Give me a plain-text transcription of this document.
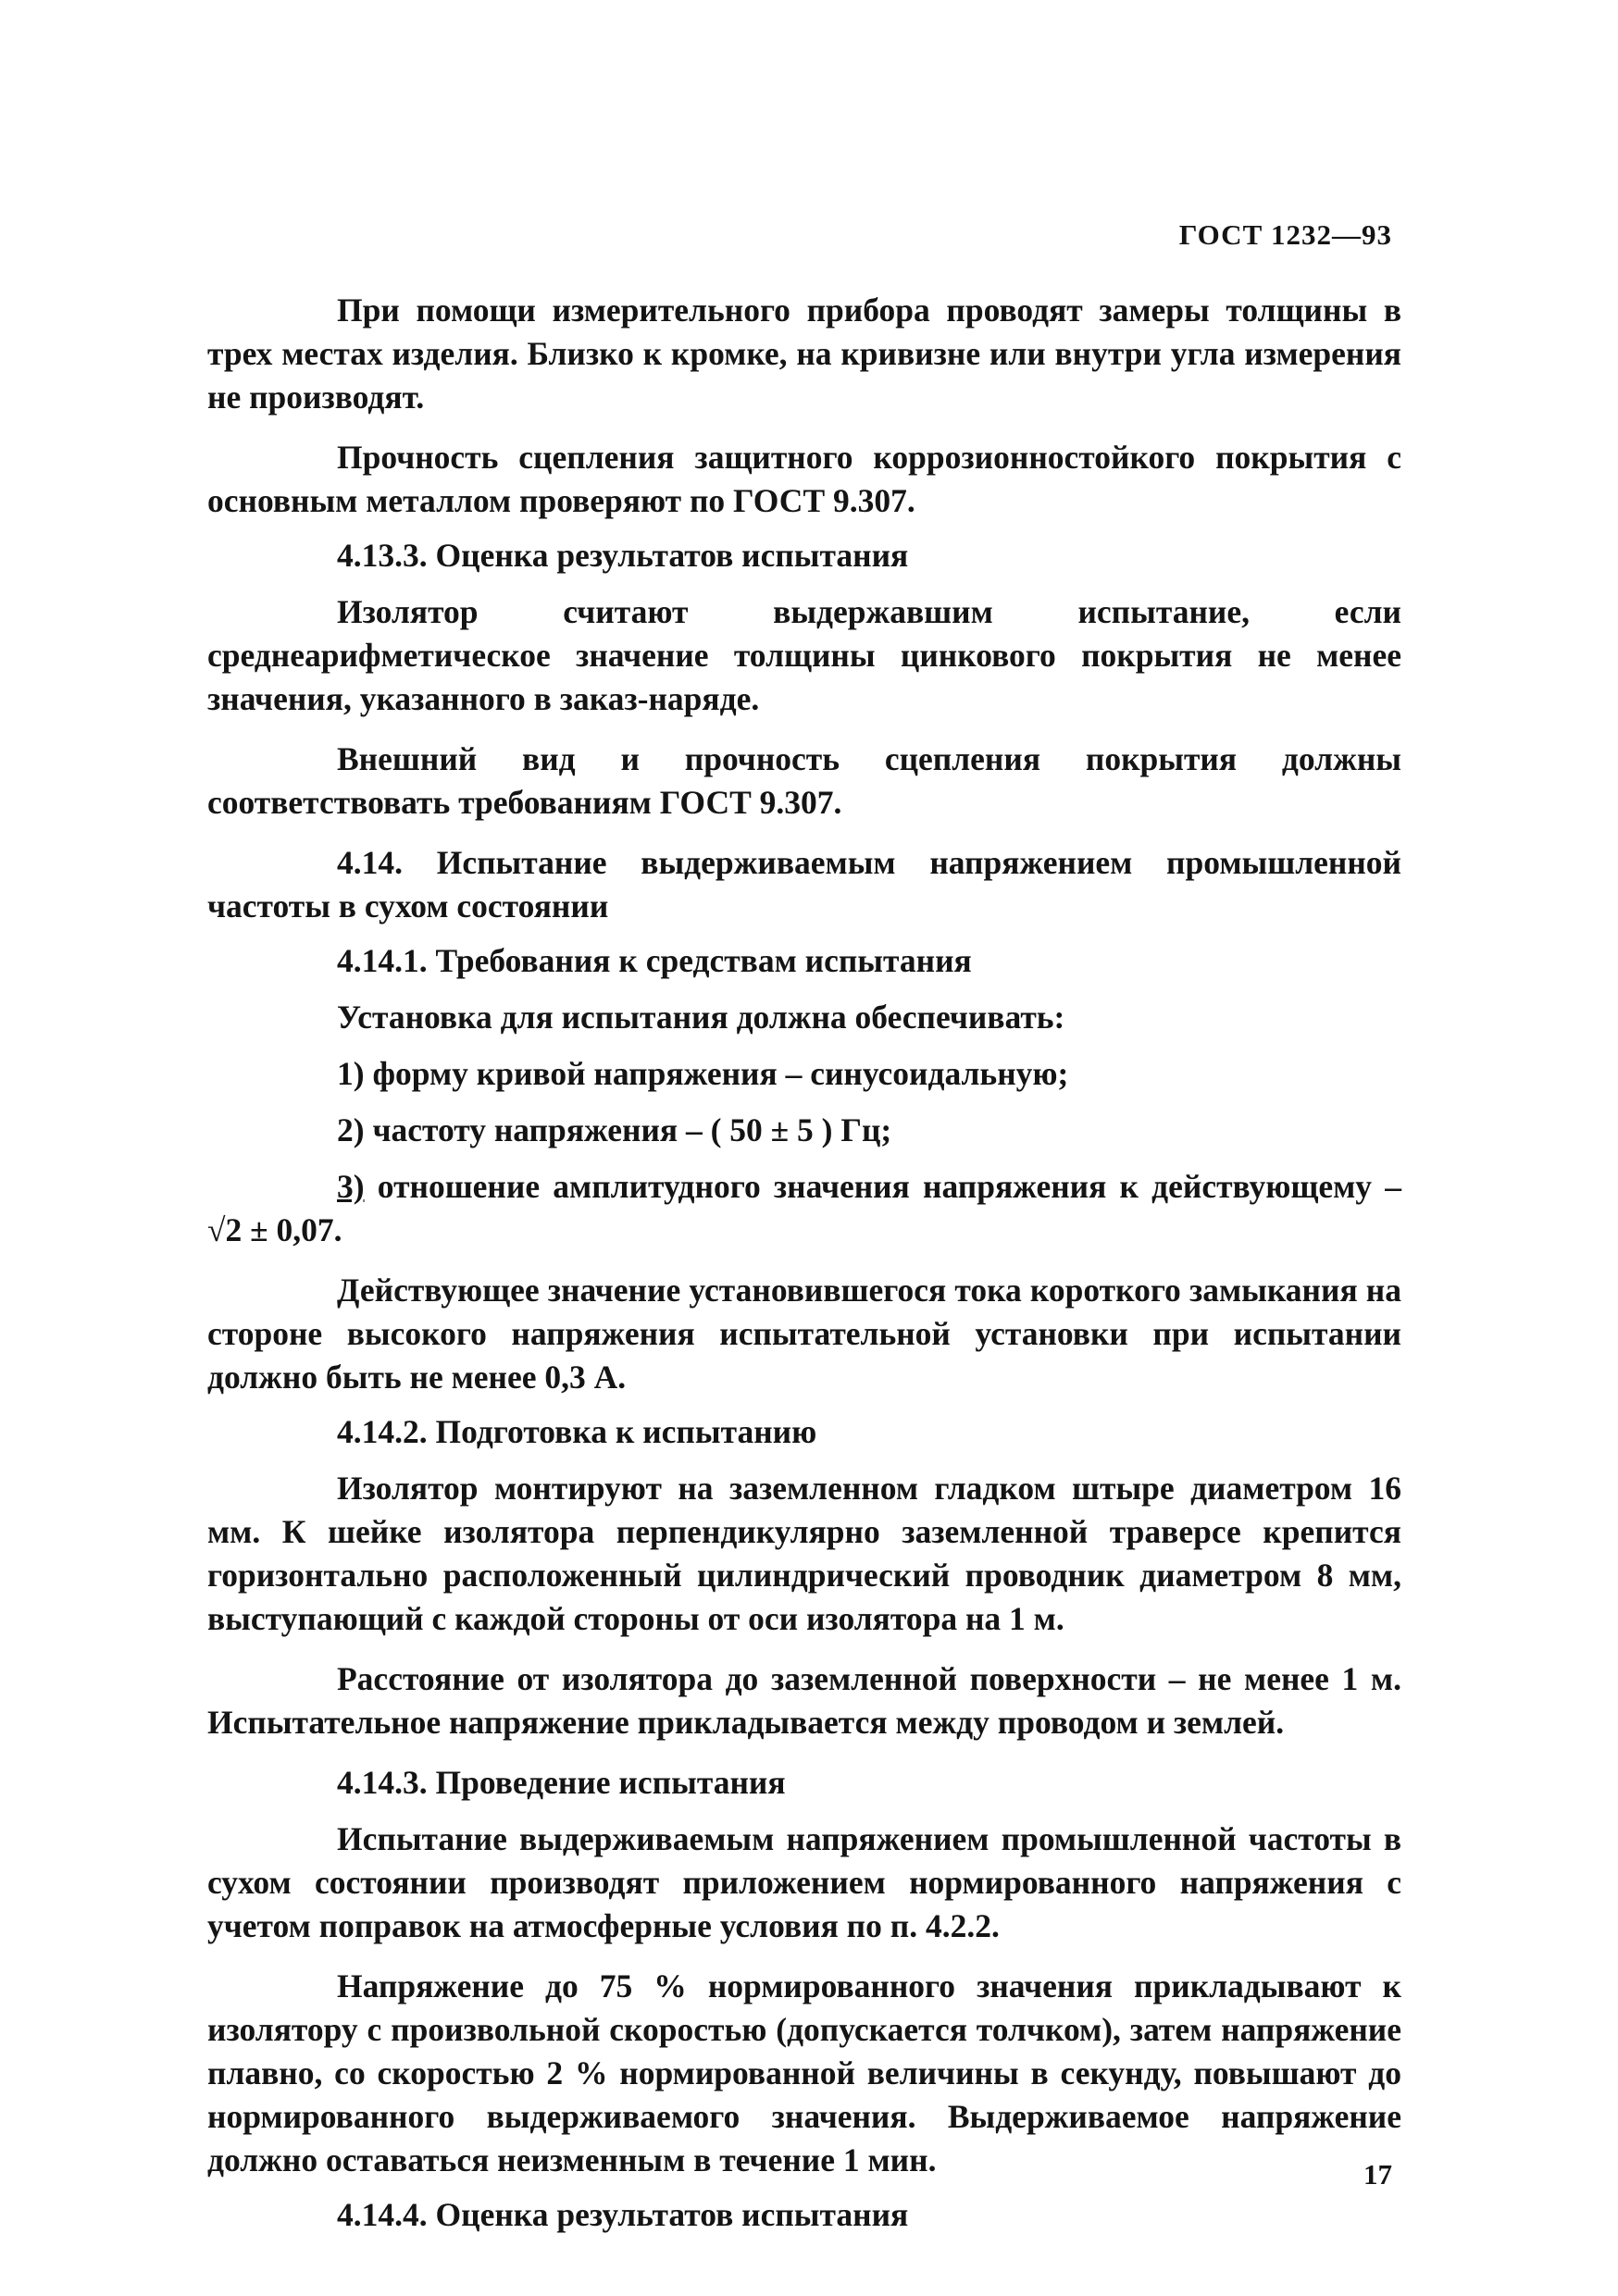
ГОСТ 1232—93

При помощи измерительного прибора проводят замеры толщины в трех местах изделия. Близко к кромке, на кривизне или внутри угла измерения не производят.

Прочность сцепления защитного коррозионностойкого покрытия с основным металлом проверяют по ГОСТ 9.307.

4.13.3. Оценка результатов испытания

Изолятор считают выдержавшим испытание, если среднеарифметическое значение толщины цинкового покрытия не менее значения, указанного в заказ-наряде.

Внешний вид и прочность сцепления покрытия должны соответствовать требованиям ГОСТ 9.307.

4.14. Испытание выдерживаемым напряжением промышленной частоты в сухом состоянии

4.14.1. Требования к средствам испытания

Установка для испытания должна обеспечивать:

1) форму кривой напряжения – синусоидальную;

2) частоту напряжения – ( 50 ± 5 ) Гц;

3) отношение амплитудного значения напряжения к действующему – √2 ± 0,07.

Действующее значение установившегося тока короткого замыкания на стороне высокого напряжения испытательной установки при испытании должно быть не менее 0,3 А.

4.14.2. Подготовка к испытанию

Изолятор монтируют на заземленном гладком штыре диаметром 16 мм. К шейке изолятора перпендикулярно заземленной траверсе крепится горизонтально расположенный цилиндрический проводник диаметром 8 мм, выступающий с каждой стороны от оси изолятора на 1 м.

Расстояние от изолятора до заземленной поверхности – не менее 1 м. Испытательное напряжение прикладывается между проводом и землей.

4.14.3. Проведение испытания

Испытание выдерживаемым напряжением промышленной частоты в сухом состоянии производят приложением нормированного напряжения с учетом поправок на атмосферные условия по п. 4.2.2.

Напряжение до 75 % нормированного значения прикладывают к изолятору с произвольной скоростью (допускается толчком), затем напряжение плавно, со скоростью 2 % нормированной величины в секунду, повышают до нормированного выдерживаемого значения. Выдерживаемое напряжение должно оставаться неизменным в течение 1 мин.

4.14.4. Оценка результатов испытания

17
